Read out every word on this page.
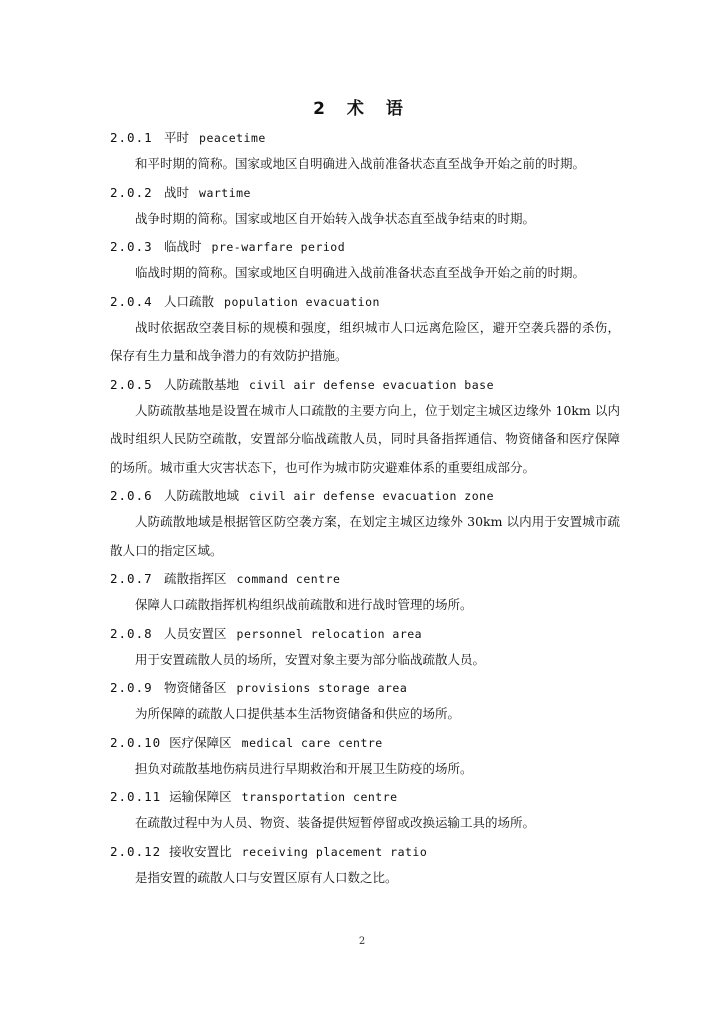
2 术 语
2.0.1 平时 peacetime
和平时期的简称。国家或地区自明确进入战前准备状态直至战争开始之前的时期。
2.0.2 战时 wartime
战争时期的简称。国家或地区自开始转入战争状态直至战争结束的时期。
2.0.3 临战时 pre-warfare period
临战时期的简称。国家或地区自明确进入战前准备状态直至战争开始之前的时期。
2.0.4 人口疏散 population evacuation
战时依据敌空袭目标的规模和强度，组织城市人口远离危险区，避开空袭兵器的杀伤，保存有生力量和战争潜力的有效防护措施。
2.0.5 人防疏散基地 civil air defense evacuation base
人防疏散基地是设置在城市人口疏散的主要方向上，位于划定主城区边缘外 10km 以内战时组织人民防空疏散，安置部分临战疏散人员，同时具备指挥通信、物资储备和医疗保障的场所。城市重大灾害状态下，也可作为城市防灾避难体系的重要组成部分。
2.0.6 人防疏散地域 civil air defense evacuation zone
人防疏散地域是根据管区防空袭方案，在划定主城区边缘外 30km 以内用于安置城市疏散人口的指定区域。
2.0.7 疏散指挥区 command centre
保障人口疏散指挥机构组织战前疏散和进行战时管理的场所。
2.0.8 人员安置区 personnel relocation area
用于安置疏散人员的场所，安置对象主要为部分临战疏散人员。
2.0.9 物资储备区 provisions storage area
为所保障的疏散人口提供基本生活物资储备和供应的场所。
2.0.10 医疗保障区 medical care centre
担负对疏散基地伤病员进行早期救治和开展卫生防疫的场所。
2.0.11 运输保障区 transportation centre
在疏散过程中为人员、物资、装备提供短暂停留或改换运输工具的场所。
2.0.12 接收安置比 receiving placement ratio
是指安置的疏散人口与安置区原有人口数之比。
2
